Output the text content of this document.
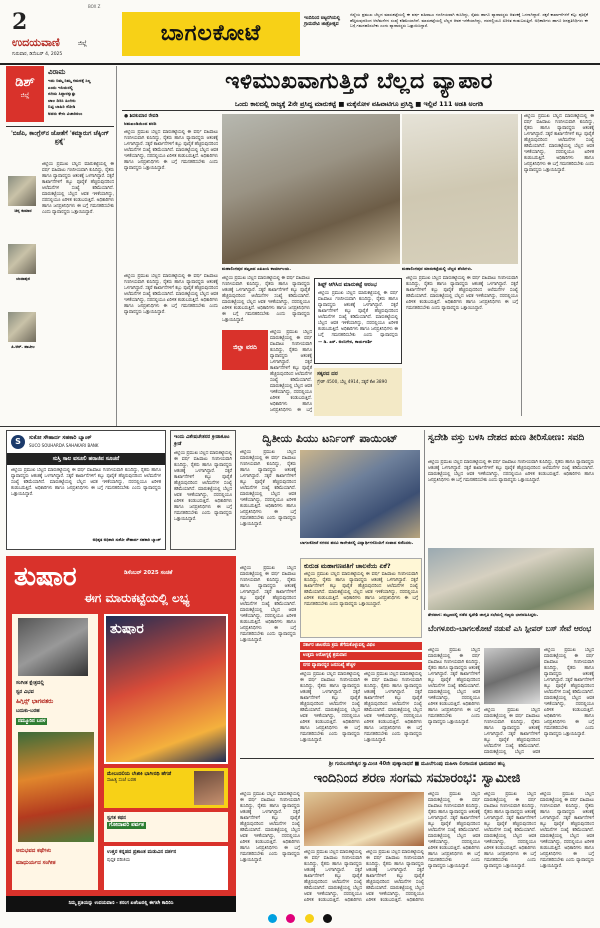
2
BOX Z
ಉದಯವಾಣಿ	ಜಿಲ್ಲೆ
ಗುರುವಾರ, ಡಿಸೆಂಬರ್ 4, 2025
ಬಾಗಲಕೋಟೆ
ಇಂದಿನಿಂದ ಚಿಟ್ಟರಗಿಯಲ್ಲಿ ಗ್ರಾಮದೇವಿ ಜಾತ್ರೋತ್ಸವ
ಜಿಲ್ಲೆಯ ಪ್ರಮುಖ ಬೆಲ್ಲದ ಮಾರುಕಟ್ಟೆಯಲ್ಲಿ ಈ ವರ್ಷ ವಹಿವಾಟು ಗಣನೀಯವಾಗಿ ಕುಸಿದಿದ್ದು, ರೈತರು ಹಾಗೂ ವ್ಯಾಪಾರಸ್ಥರು ಆತಂಕಕ್ಕೆ ಒಳಗಾಗಿದ್ದಾರೆ. ಸಕ್ಕರೆ ಕಾರ್ಖಾನೆಗಳಿಗೆ ಕಬ್ಬು ಪೂರೈಕೆ ಹೆಚ್ಚಿರುವುದರಿಂದ ಆಲೆಮನೆಗಳ ಸಂಖ್ಯೆ ಕಡಿಮೆಯಾಗಿದೆ. ಮಾರುಕಟ್ಟೆಯಲ್ಲಿ ಬೆಲ್ಲದ ಆವಕ ಇಳಿಕೆಯಾಗಿದ್ದು, ದರದಲ್ಲಿಯೂ ಏರಿಳಿತ ಕಂಡುಬರುತ್ತಿದೆ. ಅಧಿಕಾರಿಗಳು ಹಾಗೂ ಜನಪ್ರತಿನಿಧಿಗಳು ಈ ಬಗ್ಗೆ ಗಮನಹರಿಸಬೇಕು ಎಂದು ವ್ಯಾಪಾರಸ್ಥರು ಒತ್ತಾಯಿಸಿದ್ದಾರೆ.
ಡಿಶ್
ಜಿಲ್ಲೆ
ವಿರಾಮ
ಇದು ನಿಮ್ಮ ನಿಮ್ಮ ಗಮನಕ್ಕೆ ಸಿಲ್ಲ
ಎಂದು ಇನಿಯರಲ್ಲಿ
ಜಿಗಿದು ಸಿದ್ದಾರನ್ನುತ್ತು
ಚಾಲ ದಿರಿಸಿ ಹಿಂಗಿರು
ಬಿಟ್ಟಿ ಬಾಹಿರಿ ನೋಡಿ
ಅದರು ಕೇಳು ವಿಚಾರಿಸಲು
'ಬಿಜೆಪಿ, ಕಾಂಗ್ರೆಸ್‌ನ ಜೋತೆಗೆ 'ಕಮ್ಮಾರುಗ ಚೆಕ್ಕಿಂಗ್‌ ಪ್ರಶ್ನೆ'
ಚಿನ್ನ ಕುಮಾರ
ಚಂದಾಪುರ
ಪಿ.ಆರ್. ಪಾಟೀಲ
ಜಿಲ್ಲೆಯ ಪ್ರಮುಖ ಬೆಲ್ಲದ ಮಾರುಕಟ್ಟೆಯಲ್ಲಿ ಈ ವರ್ಷ ವಹಿವಾಟು ಗಣನೀಯವಾಗಿ ಕುಸಿದಿದ್ದು, ರೈತರು ಹಾಗೂ ವ್ಯಾಪಾರಸ್ಥರು ಆತಂಕಕ್ಕೆ ಒಳಗಾಗಿದ್ದಾರೆ. ಸಕ್ಕರೆ ಕಾರ್ಖಾನೆಗಳಿಗೆ ಕಬ್ಬು ಪೂರೈಕೆ ಹೆಚ್ಚಿರುವುದರಿಂದ ಆಲೆಮನೆಗಳ ಸಂಖ್ಯೆ ಕಡಿಮೆಯಾಗಿದೆ. ಮಾರುಕಟ್ಟೆಯಲ್ಲಿ ಬೆಲ್ಲದ ಆವಕ ಇಳಿಕೆಯಾಗಿದ್ದು, ದರದಲ್ಲಿಯೂ ಏರಿಳಿತ ಕಂಡುಬರುತ್ತಿದೆ. ಅಧಿಕಾರಿಗಳು ಹಾಗೂ ಜನಪ್ರತಿನಿಧಿಗಳು ಈ ಬಗ್ಗೆ ಗಮನಹರಿಸಬೇಕು ಎಂದು ವ್ಯಾಪಾರಸ್ಥರು ಒತ್ತಾಯಿಸಿದ್ದಾರೆ.
ಇಳಿಮುಖವಾಗುತ್ತಿದೆ ಬೆಲ್ಲದ ವ್ಯಾಪಾರ
ಒಂದು ಕಾಲದಲ್ಲಿ ರಾಜ್ಯಕ್ಕೆ 2ನೇ ಪ್ರಸಿದ್ಧ ಮಾರುಕಟ್ಟೆ ■ ಮಕ್ಕೆನೋಳ ವಹಿವಾಟಿಗೂ ಪ್ರಸಿದ್ಧಿ ■ ಇಲ್ಲಿವೆ 111 ಅಡತಿ ಅಂಗಡಿ
● ಶಿವಕುಮಾರ ರೇವಡಿ
ಜಮಖಂಡಿಯಿಂದ ವರದಿ
ಜಿಲ್ಲೆಯ ಪ್ರಮುಖ ಬೆಲ್ಲದ ಮಾರುಕಟ್ಟೆಯಲ್ಲಿ ಈ ವರ್ಷ ವಹಿವಾಟು ಗಣನೀಯವಾಗಿ ಕುಸಿದಿದ್ದು, ರೈತರು ಹಾಗೂ ವ್ಯಾಪಾರಸ್ಥರು ಆತಂಕಕ್ಕೆ ಒಳಗಾಗಿದ್ದಾರೆ. ಸಕ್ಕರೆ ಕಾರ್ಖಾನೆಗಳಿಗೆ ಕಬ್ಬು ಪೂರೈಕೆ ಹೆಚ್ಚಿರುವುದರಿಂದ ಆಲೆಮನೆಗಳ ಸಂಖ್ಯೆ ಕಡಿಮೆಯಾಗಿದೆ. ಮಾರುಕಟ್ಟೆಯಲ್ಲಿ ಬೆಲ್ಲದ ಆವಕ ಇಳಿಕೆಯಾಗಿದ್ದು, ದರದಲ್ಲಿಯೂ ಏರಿಳಿತ ಕಂಡುಬರುತ್ತಿದೆ. ಅಧಿಕಾರಿಗಳು ಹಾಗೂ ಜನಪ್ರತಿನಿಧಿಗಳು ಈ ಬಗ್ಗೆ ಗಮನಹರಿಸಬೇಕು ಎಂದು ವ್ಯಾಪಾರಸ್ಥರು ಒತ್ತಾಯಿಸಿದ್ದಾರೆ.
ಮಹಾಲಿಂಗಪುರ ಪಟ್ಟಣದ ಎಪಿಎಂಸಿ ಕಾರ್ಯಾಲಯ.	ಮಹಾಲಿಂಗಪುರ ಮಾರುಕಟ್ಟೆಯಲ್ಲಿ ಬೆಲ್ಲದ ಪೆಂಡಿಗಳು.
ಜಿಲ್ಲೆಯ ಪ್ರಮುಖ ಬೆಲ್ಲದ ಮಾರುಕಟ್ಟೆಯಲ್ಲಿ ಈ ವರ್ಷ ವಹಿವಾಟು ಗಣನೀಯವಾಗಿ ಕುಸಿದಿದ್ದು, ರೈತರು ಹಾಗೂ ವ್ಯಾಪಾರಸ್ಥರು ಆತಂಕಕ್ಕೆ ಒಳಗಾಗಿದ್ದಾರೆ. ಸಕ್ಕರೆ ಕಾರ್ಖಾನೆಗಳಿಗೆ ಕಬ್ಬು ಪೂರೈಕೆ ಹೆಚ್ಚಿರುವುದರಿಂದ ಆಲೆಮನೆಗಳ ಸಂಖ್ಯೆ ಕಡಿಮೆಯಾಗಿದೆ. ಮಾರುಕಟ್ಟೆಯಲ್ಲಿ ಬೆಲ್ಲದ ಆವಕ ಇಳಿಕೆಯಾಗಿದ್ದು, ದರದಲ್ಲಿಯೂ ಏರಿಳಿತ ಕಂಡುಬರುತ್ತಿದೆ. ಅಧಿಕಾರಿಗಳು ಹಾಗೂ ಜನಪ್ರತಿನಿಧಿಗಳು ಈ ಬಗ್ಗೆ ಗಮನಹರಿಸಬೇಕು ಎಂದು ವ್ಯಾಪಾರಸ್ಥರು ಒತ್ತಾಯಿಸಿದ್ದಾರೆ.
ಜಿಲ್ಲೆಯ ಪ್ರಮುಖ ಬೆಲ್ಲದ ಮಾರುಕಟ್ಟೆಯಲ್ಲಿ ಈ ವರ್ಷ ವಹಿವಾಟು ಗಣನೀಯವಾಗಿ ಕುಸಿದಿದ್ದು, ರೈತರು ಹಾಗೂ ವ್ಯಾಪಾರಸ್ಥರು ಆತಂಕಕ್ಕೆ ಒಳಗಾಗಿದ್ದಾರೆ. ಸಕ್ಕರೆ ಕಾರ್ಖಾನೆಗಳಿಗೆ ಕಬ್ಬು ಪೂರೈಕೆ ಹೆಚ್ಚಿರುವುದರಿಂದ ಆಲೆಮನೆಗಳ ಸಂಖ್ಯೆ ಕಡಿಮೆಯಾಗಿದೆ. ಮಾರುಕಟ್ಟೆಯಲ್ಲಿ ಬೆಲ್ಲದ ಆವಕ ಇಳಿಕೆಯಾಗಿದ್ದು, ದರದಲ್ಲಿಯೂ ಏರಿಳಿತ ಕಂಡುಬರುತ್ತಿದೆ. ಅಧಿಕಾರಿಗಳು ಹಾಗೂ ಜನಪ್ರತಿನಿಧಿಗಳು ಈ ಬಗ್ಗೆ ಗಮನಹರಿಸಬೇಕು ಎಂದು ವ್ಯಾಪಾರಸ್ಥರು ಒತ್ತಾಯಿಸಿದ್ದಾರೆ.
ಜಿಲ್ಲಾ ವರದಿ
ಜಿಲ್ಲೆಯ ಪ್ರಮುಖ ಬೆಲ್ಲದ ಮಾರುಕಟ್ಟೆಯಲ್ಲಿ ಈ ವರ್ಷ ವಹಿವಾಟು ಗಣನೀಯವಾಗಿ ಕುಸಿದಿದ್ದು, ರೈತರು ಹಾಗೂ ವ್ಯಾಪಾರಸ್ಥರು ಆತಂಕಕ್ಕೆ ಒಳಗಾಗಿದ್ದಾರೆ. ಸಕ್ಕರೆ ಕಾರ್ಖಾನೆಗಳಿಗೆ ಕಬ್ಬು ಪೂರೈಕೆ ಹೆಚ್ಚಿರುವುದರಿಂದ ಆಲೆಮನೆಗಳ ಸಂಖ್ಯೆ ಕಡಿಮೆಯಾಗಿದೆ. ಮಾರುಕಟ್ಟೆಯಲ್ಲಿ ಬೆಲ್ಲದ ಆವಕ ಇಳಿಕೆಯಾಗಿದ್ದು, ದರದಲ್ಲಿಯೂ ಏರಿಳಿತ ಕಂಡುಬರುತ್ತಿದೆ. ಅಧಿಕಾರಿಗಳು ಹಾಗೂ ಜನಪ್ರತಿನಿಧಿಗಳು ಈ ಬಗ್ಗೆ
ಶಿಫ್ಟ್‌ ಆಗಿಸಿದ ಮಾರುಕಟ್ಟೆ ಆರಂಭ
ಜಿಲ್ಲೆಯ ಪ್ರಮುಖ ಬೆಲ್ಲದ ಮಾರುಕಟ್ಟೆಯಲ್ಲಿ ಈ ವರ್ಷ ವಹಿವಾಟು ಗಣನೀಯವಾಗಿ ಕುಸಿದಿದ್ದು, ರೈತರು ಹಾಗೂ ವ್ಯಾಪಾರಸ್ಥರು ಆತಂಕಕ್ಕೆ ಒಳಗಾಗಿದ್ದಾರೆ. ಸಕ್ಕರೆ ಕಾರ್ಖಾನೆಗಳಿಗೆ ಕಬ್ಬು ಪೂರೈಕೆ ಹೆಚ್ಚಿರುವುದರಿಂದ ಆಲೆಮನೆಗಳ ಸಂಖ್ಯೆ ಕಡಿಮೆಯಾಗಿದೆ. ಮಾರುಕಟ್ಟೆಯಲ್ಲಿ ಬೆಲ್ಲದ ಆವಕ ಇಳಿಕೆಯಾಗಿದ್ದು, ದರದಲ್ಲಿಯೂ ಏರಿಳಿತ ಕಂಡುಬರುತ್ತಿದೆ. ಅಧಿಕಾರಿಗಳು ಹಾಗೂ ಜನಪ್ರತಿನಿಧಿಗಳು ಈ ಬಗ್ಗೆ ಗಮನಹರಿಸಬೇಕು ಎಂದು ವ್ಯಾಪಾರಸ್ಥರು
— ಡಿ. ಎಸ್‌. ಅಂಬಿಗೇರ, ಕಾರ್ಯದರ್ಶಿ
ಸಕ್ಕರದ ದರ
ಗ್ರೇಡ್ 4500, ಬೆಲ್ಲ 4914, ಸಕ್ಕರೆ ಕೆಜಿ 3890
ಜಿಲ್ಲೆಯ ಪ್ರಮುಖ ಬೆಲ್ಲದ ಮಾರುಕಟ್ಟೆಯಲ್ಲಿ ಈ ವರ್ಷ ವಹಿವಾಟು ಗಣನೀಯವಾಗಿ ಕುಸಿದಿದ್ದು, ರೈತರು ಹಾಗೂ ವ್ಯಾಪಾರಸ್ಥರು ಆತಂಕಕ್ಕೆ ಒಳಗಾಗಿದ್ದಾರೆ. ಸಕ್ಕರೆ ಕಾರ್ಖಾನೆಗಳಿಗೆ ಕಬ್ಬು ಪೂರೈಕೆ ಹೆಚ್ಚಿರುವುದರಿಂದ ಆಲೆಮನೆಗಳ ಸಂಖ್ಯೆ ಕಡಿಮೆಯಾಗಿದೆ. ಮಾರುಕಟ್ಟೆಯಲ್ಲಿ ಬೆಲ್ಲದ ಆವಕ ಇಳಿಕೆಯಾಗಿದ್ದು, ದರದಲ್ಲಿಯೂ ಏರಿಳಿತ ಕಂಡುಬರುತ್ತಿದೆ. ಅಧಿಕಾರಿಗಳು ಹಾಗೂ ಜನಪ್ರತಿನಿಧಿಗಳು ಈ ಬಗ್ಗೆ ಗಮನಹರಿಸಬೇಕು ಎಂದು ವ್ಯಾಪಾರಸ್ಥರು ಒತ್ತಾಯಿಸಿದ್ದಾರೆ.
ಜಿಲ್ಲೆಯ ಪ್ರಮುಖ ಬೆಲ್ಲದ ಮಾರುಕಟ್ಟೆಯಲ್ಲಿ ಈ ವರ್ಷ ವಹಿವಾಟು ಗಣನೀಯವಾಗಿ ಕುಸಿದಿದ್ದು, ರೈತರು ಹಾಗೂ ವ್ಯಾಪಾರಸ್ಥರು ಆತಂಕಕ್ಕೆ ಒಳಗಾಗಿದ್ದಾರೆ. ಸಕ್ಕರೆ ಕಾರ್ಖಾನೆಗಳಿಗೆ ಕಬ್ಬು ಪೂರೈಕೆ ಹೆಚ್ಚಿರುವುದರಿಂದ ಆಲೆಮನೆಗಳ ಸಂಖ್ಯೆ ಕಡಿಮೆಯಾಗಿದೆ. ಮಾರುಕಟ್ಟೆಯಲ್ಲಿ ಬೆಲ್ಲದ ಆವಕ ಇಳಿಕೆಯಾಗಿದ್ದು, ದರದಲ್ಲಿಯೂ ಏರಿಳಿತ ಕಂಡುಬರುತ್ತಿದೆ. ಅಧಿಕಾರಿಗಳು ಹಾಗೂ ಜನಪ್ರತಿನಿಧಿಗಳು ಈ ಬಗ್ಗೆ ಗಮನಹರಿಸಬೇಕು ಎಂದು ವ್ಯಾಪಾರಸ್ಥರು ಒತ್ತಾಯಿಸಿದ್ದಾರೆ.
S	ಸುಕೋ ಸೌಹಾರ್ದ ಸಹಕಾರಿ ಬ್ಯಾಂಕ್
SUCO SOUHARDA SAHAKARI BANK
ಸುಸ್ತಿ ಸಾಲ ವಸೂಲಿ ಹರಾಜಿನ ಸೂಚನೆ
ಜಿಲ್ಲೆಯ ಪ್ರಮುಖ ಬೆಲ್ಲದ ಮಾರುಕಟ್ಟೆಯಲ್ಲಿ ಈ ವರ್ಷ ವಹಿವಾಟು ಗಣನೀಯವಾಗಿ ಕುಸಿದಿದ್ದು, ರೈತರು ಹಾಗೂ ವ್ಯಾಪಾರಸ್ಥರು ಆತಂಕಕ್ಕೆ ಒಳಗಾಗಿದ್ದಾರೆ. ಸಕ್ಕರೆ ಕಾರ್ಖಾನೆಗಳಿಗೆ ಕಬ್ಬು ಪೂರೈಕೆ ಹೆಚ್ಚಿರುವುದರಿಂದ ಆಲೆಮನೆಗಳ ಸಂಖ್ಯೆ ಕಡಿಮೆಯಾಗಿದೆ. ಮಾರುಕಟ್ಟೆಯಲ್ಲಿ ಬೆಲ್ಲದ ಆವಕ ಇಳಿಕೆಯಾಗಿದ್ದು, ದರದಲ್ಲಿಯೂ ಏರಿಳಿತ ಕಂಡುಬರುತ್ತಿದೆ. ಅಧಿಕಾರಿಗಳು ಹಾಗೂ ಜನಪ್ರತಿನಿಧಿಗಳು ಈ ಬಗ್ಗೆ ಗಮನಹರಿಸಬೇಕು ಎಂದು ವ್ಯಾಪಾರಸ್ಥರು ಒತ್ತಾಯಿಸಿದ್ದಾರೆ.
ಅಧಿಕೃತ ಅಧಿಕಾರಿ ಸುಕೋ ಸೌಹಾರ್ದ ಸಹಕಾರಿ ಬ್ಯಾಂಕ್
ಇಂದು ವಿಶೇಷಚೇತನರ ಕ್ರೀಡಾಕೂಟ ಕ್ರೀಡೆ
ಜಿಲ್ಲೆಯ ಪ್ರಮುಖ ಬೆಲ್ಲದ ಮಾರುಕಟ್ಟೆಯಲ್ಲಿ ಈ ವರ್ಷ ವಹಿವಾಟು ಗಣನೀಯವಾಗಿ ಕುಸಿದಿದ್ದು, ರೈತರು ಹಾಗೂ ವ್ಯಾಪಾರಸ್ಥರು ಆತಂಕಕ್ಕೆ ಒಳಗಾಗಿದ್ದಾರೆ. ಸಕ್ಕರೆ ಕಾರ್ಖಾನೆಗಳಿಗೆ ಕಬ್ಬು ಪೂರೈಕೆ ಹೆಚ್ಚಿರುವುದರಿಂದ ಆಲೆಮನೆಗಳ ಸಂಖ್ಯೆ ಕಡಿಮೆಯಾಗಿದೆ. ಮಾರುಕಟ್ಟೆಯಲ್ಲಿ ಬೆಲ್ಲದ ಆವಕ ಇಳಿಕೆಯಾಗಿದ್ದು, ದರದಲ್ಲಿಯೂ ಏರಿಳಿತ ಕಂಡುಬರುತ್ತಿದೆ. ಅಧಿಕಾರಿಗಳು ಹಾಗೂ ಜನಪ್ರತಿನಿಧಿಗಳು ಈ ಬಗ್ಗೆ ಗಮನಹರಿಸಬೇಕು ಎಂದು ವ್ಯಾಪಾರಸ್ಥರು ಒತ್ತಾಯಿಸಿದ್ದಾರೆ.
ದ್ವಿತೀಯ ಪಿಯು ಟರ್ನಿಂಗ್‌ ಪಾಯಿಂಟ್‌
ಜಿಲ್ಲೆಯ ಪ್ರಮುಖ ಬೆಲ್ಲದ ಮಾರುಕಟ್ಟೆಯಲ್ಲಿ ಈ ವರ್ಷ ವಹಿವಾಟು ಗಣನೀಯವಾಗಿ ಕುಸಿದಿದ್ದು, ರೈತರು ಹಾಗೂ ವ್ಯಾಪಾರಸ್ಥರು ಆತಂಕಕ್ಕೆ ಒಳಗಾಗಿದ್ದಾರೆ. ಸಕ್ಕರೆ ಕಾರ್ಖಾನೆಗಳಿಗೆ ಕಬ್ಬು ಪೂರೈಕೆ ಹೆಚ್ಚಿರುವುದರಿಂದ ಆಲೆಮನೆಗಳ ಸಂಖ್ಯೆ ಕಡಿಮೆಯಾಗಿದೆ. ಮಾರುಕಟ್ಟೆಯಲ್ಲಿ ಬೆಲ್ಲದ ಆವಕ ಇಳಿಕೆಯಾಗಿದ್ದು, ದರದಲ್ಲಿಯೂ ಏರಿಳಿತ ಕಂಡುಬರುತ್ತಿದೆ. ಅಧಿಕಾರಿಗಳು ಹಾಗೂ ಜನಪ್ರತಿನಿಧಿಗಳು ಈ ಬಗ್ಗೆ ಗಮನಹರಿಸಬೇಕು ಎಂದು ವ್ಯಾಪಾರಸ್ಥರು ಒತ್ತಾಯಿಸಿದ್ದಾರೆ.
ಬಾಗಲಕೋಟೆ ನಗರದ ಪದವಿ ಕಾಲೇಜಿನಲ್ಲಿ ವಿದ್ಯಾರ್ಥಿಗಳೊಂದಿಗೆ ಸಂವಾದ ನಡೆಸಿದರು.
ಸ್ವದೇಶಿ ವಸ್ತು ಬಳಸಿ ದೇಶದ ಋಣ ತೀರಿಸೋಣ: ಸವದಿ
ಜಿಲ್ಲೆಯ ಪ್ರಮುಖ ಬೆಲ್ಲದ ಮಾರುಕಟ್ಟೆಯಲ್ಲಿ ಈ ವರ್ಷ ವಹಿವಾಟು ಗಣನೀಯವಾಗಿ ಕುಸಿದಿದ್ದು, ರೈತರು ಹಾಗೂ ವ್ಯಾಪಾರಸ್ಥರು ಆತಂಕಕ್ಕೆ ಒಳಗಾಗಿದ್ದಾರೆ. ಸಕ್ಕರೆ ಕಾರ್ಖಾನೆಗಳಿಗೆ ಕಬ್ಬು ಪೂರೈಕೆ ಹೆಚ್ಚಿರುವುದರಿಂದ ಆಲೆಮನೆಗಳ ಸಂಖ್ಯೆ ಕಡಿಮೆಯಾಗಿದೆ. ಮಾರುಕಟ್ಟೆಯಲ್ಲಿ ಬೆಲ್ಲದ ಆವಕ ಇಳಿಕೆಯಾಗಿದ್ದು, ದರದಲ್ಲಿಯೂ ಏರಿಳಿತ ಕಂಡುಬರುತ್ತಿದೆ. ಅಧಿಕಾರಿಗಳು ಹಾಗೂ ಜನಪ್ರತಿನಿಧಿಗಳು ಈ ಬಗ್ಗೆ ಗಮನಹರಿಸಬೇಕು ಎಂದು ವ್ಯಾಪಾರಸ್ಥರು ಒತ್ತಾಯಿಸಿದ್ದಾರೆ.
ತೇರದಾಳ: ಪಟ್ಟಣದಲ್ಲಿ ನಡೆದ ಸ್ವದೇಶಿ ಜಾಗೃತಿ ಸಭೆಯಲ್ಲಿ ಗಣ್ಯರು ಭಾಗವಹಿಸಿದ್ದರು.
ತುಷಾರ	ಡಿಸೆಂಬರ್ 2025 ಸಂಚಿಕೆ
ಈಗ ಮಾರುಕಟ್ಟೆಯಲ್ಲಿ ಲಭ್ಯ
ಸಂಗೀತ ಕ್ಷೇತ್ರದಲ್ಲಿ
ಸ್ವರ ವಿಭವ
ಹಿಗ್ಗಿನ್ಸ್‌ ಭಾಗವತರು
ಬದುಕು-ಬರಹ
ನಮ್ಮೂರಿನ ಬನಳ
ಅನುಭವದ ಕಥೆಗಳು
ಮಾಧುರ್ಯದ ಸಂಗೀತ
ತುಷಾರ
ಮೇಲುದಲಿಯ ಲೇಖಿಕಿ ಭಾಗೀರಥಿ ಹೆಗಡೆ
ಸಾಹಿತ್ಯ ಸಂಜೆ ಬರಹ
ಸ್ವಗತ ಕಥನ
ಗೋದಾವರಿ ಪರ್ವತ
ಉತ್ತರ ಕನ್ನಡದ ಪ್ರಶಾಂತ ಮಡುವಿನ ದರ್ಶನ
ಪುಸ್ತಕ ಪರಿಚಯ
ನಿಮ್ಮ ಪ್ರತಿಯನ್ನು ಉದಯವಾಣಿ - ತರಂಗ ಏಜೆಂಟರಲ್ಲಿ ಈಗಲೇ ಕಾದಿರಿಸಿ
ಜಿಲ್ಲೆಯ ಪ್ರಮುಖ ಬೆಲ್ಲದ ಮಾರುಕಟ್ಟೆಯಲ್ಲಿ ಈ ವರ್ಷ ವಹಿವಾಟು ಗಣನೀಯವಾಗಿ ಕುಸಿದಿದ್ದು, ರೈತರು ಹಾಗೂ ವ್ಯಾಪಾರಸ್ಥರು ಆತಂಕಕ್ಕೆ ಒಳಗಾಗಿದ್ದಾರೆ. ಸಕ್ಕರೆ ಕಾರ್ಖಾನೆಗಳಿಗೆ ಕಬ್ಬು ಪೂರೈಕೆ ಹೆಚ್ಚಿರುವುದರಿಂದ ಆಲೆಮನೆಗಳ ಸಂಖ್ಯೆ ಕಡಿಮೆಯಾಗಿದೆ. ಮಾರುಕಟ್ಟೆಯಲ್ಲಿ ಬೆಲ್ಲದ ಆವಕ ಇಳಿಕೆಯಾಗಿದ್ದು, ದರದಲ್ಲಿಯೂ ಏರಿಳಿತ ಕಂಡುಬರುತ್ತಿದೆ. ಅಧಿಕಾರಿಗಳು ಹಾಗೂ ಜನಪ್ರತಿನಿಧಿಗಳು ಈ ಬಗ್ಗೆ ಗಮನಹರಿಸಬೇಕು ಎಂದು ವ್ಯಾಪಾರಸ್ಥರು ಒತ್ತಾಯಿಸಿದ್ದಾರೆ.
ಕುರುಡ ಮಹಾಗಣಪತಿಗೆ ಚಾಲನೆಯ ಏಕೆ?
ಜಿಲ್ಲೆಯ ಪ್ರಮುಖ ಬೆಲ್ಲದ ಮಾರುಕಟ್ಟೆಯಲ್ಲಿ ಈ ವರ್ಷ ವಹಿವಾಟು ಗಣನೀಯವಾಗಿ ಕುಸಿದಿದ್ದು, ರೈತರು ಹಾಗೂ ವ್ಯಾಪಾರಸ್ಥರು ಆತಂಕಕ್ಕೆ ಒಳಗಾಗಿದ್ದಾರೆ. ಸಕ್ಕರೆ ಕಾರ್ಖಾನೆಗಳಿಗೆ ಕಬ್ಬು ಪೂರೈಕೆ ಹೆಚ್ಚಿರುವುದರಿಂದ ಆಲೆಮನೆಗಳ ಸಂಖ್ಯೆ ಕಡಿಮೆಯಾಗಿದೆ. ಮಾರುಕಟ್ಟೆಯಲ್ಲಿ ಬೆಲ್ಲದ ಆವಕ ಇಳಿಕೆಯಾಗಿದ್ದು, ದರದಲ್ಲಿಯೂ ಏರಿಳಿತ ಕಂಡುಬರುತ್ತಿದೆ. ಅಧಿಕಾರಿಗಳು ಹಾಗೂ ಜನಪ್ರತಿನಿಧಿಗಳು ಈ ಬಗ್ಗೆ ಗಮನಹರಿಸಬೇಕು ಎಂದು ವ್ಯಾಪಾರಸ್ಥರು ಒತ್ತಾಯಿಸಿದ್ದಾರೆ.
ಸರ್ಕಾರ ಚಾಲನೆಯ ಕ್ರಮ ತೆಗೆದುಕೊಳ್ಳುವಲ್ಲಿ ವಿಫಲ
ಉತ್ತಮ ಆರೋಗ್ಯಕ್ಕೆ ಶ್ರಮದಾನ
ನಗರ ವ್ಯಾಪಾರಸ್ಥರ ಜನಸಂಖ್ಯೆ ಹೆಚ್ಚಳ
ಜಿಲ್ಲೆಯ ಪ್ರಮುಖ ಬೆಲ್ಲದ ಮಾರುಕಟ್ಟೆಯಲ್ಲಿ ಈ ವರ್ಷ ವಹಿವಾಟು ಗಣನೀಯವಾಗಿ ಕುಸಿದಿದ್ದು, ರೈತರು ಹಾಗೂ ವ್ಯಾಪಾರಸ್ಥರು ಆತಂಕಕ್ಕೆ ಒಳಗಾಗಿದ್ದಾರೆ. ಸಕ್ಕರೆ ಕಾರ್ಖಾನೆಗಳಿಗೆ ಕಬ್ಬು ಪೂರೈಕೆ ಹೆಚ್ಚಿರುವುದರಿಂದ ಆಲೆಮನೆಗಳ ಸಂಖ್ಯೆ ಕಡಿಮೆಯಾಗಿದೆ. ಮಾರುಕಟ್ಟೆಯಲ್ಲಿ ಬೆಲ್ಲದ ಆವಕ ಇಳಿಕೆಯಾಗಿದ್ದು, ದರದಲ್ಲಿಯೂ ಏರಿಳಿತ ಕಂಡುಬರುತ್ತಿದೆ. ಅಧಿಕಾರಿಗಳು ಹಾಗೂ ಜನಪ್ರತಿನಿಧಿಗಳು ಈ ಬಗ್ಗೆ ಗಮನಹರಿಸಬೇಕು ಎಂದು ವ್ಯಾಪಾರಸ್ಥರು ಒತ್ತಾಯಿಸಿದ್ದಾರೆ.
ಜಿಲ್ಲೆಯ ಪ್ರಮುಖ ಬೆಲ್ಲದ ಮಾರುಕಟ್ಟೆಯಲ್ಲಿ ಈ ವರ್ಷ ವಹಿವಾಟು ಗಣನೀಯವಾಗಿ ಕುಸಿದಿದ್ದು, ರೈತರು ಹಾಗೂ ವ್ಯಾಪಾರಸ್ಥರು ಆತಂಕಕ್ಕೆ ಒಳಗಾಗಿದ್ದಾರೆ. ಸಕ್ಕರೆ ಕಾರ್ಖಾನೆಗಳಿಗೆ ಕಬ್ಬು ಪೂರೈಕೆ ಹೆಚ್ಚಿರುವುದರಿಂದ ಆಲೆಮನೆಗಳ ಸಂಖ್ಯೆ ಕಡಿಮೆಯಾಗಿದೆ. ಮಾರುಕಟ್ಟೆಯಲ್ಲಿ ಬೆಲ್ಲದ ಆವಕ ಇಳಿಕೆಯಾಗಿದ್ದು, ದರದಲ್ಲಿಯೂ ಏರಿಳಿತ ಕಂಡುಬರುತ್ತಿದೆ. ಅಧಿಕಾರಿಗಳು ಹಾಗೂ ಜನಪ್ರತಿನಿಧಿಗಳು ಈ ಬಗ್ಗೆ ಗಮನಹರಿಸಬೇಕು ಎಂದು ವ್ಯಾಪಾರಸ್ಥರು ಒತ್ತಾಯಿಸಿದ್ದಾರೆ.
ಬೆಂಗಳೂರು-ಬಾಗಲಕೋಟೆ ನಡುವೆ ಎಸಿ ಸ್ಲೀಪರ್‌ ಬಸ್‌ ಸೇವೆ ಆರಂಭ
ಜಿಲ್ಲೆಯ ಪ್ರಮುಖ ಬೆಲ್ಲದ ಮಾರುಕಟ್ಟೆಯಲ್ಲಿ ಈ ವರ್ಷ ವಹಿವಾಟು ಗಣನೀಯವಾಗಿ ಕುಸಿದಿದ್ದು, ರೈತರು ಹಾಗೂ ವ್ಯಾಪಾರಸ್ಥರು ಆತಂಕಕ್ಕೆ ಒಳಗಾಗಿದ್ದಾರೆ. ಸಕ್ಕರೆ ಕಾರ್ಖಾನೆಗಳಿಗೆ ಕಬ್ಬು ಪೂರೈಕೆ ಹೆಚ್ಚಿರುವುದರಿಂದ ಆಲೆಮನೆಗಳ ಸಂಖ್ಯೆ ಕಡಿಮೆಯಾಗಿದೆ. ಮಾರುಕಟ್ಟೆಯಲ್ಲಿ ಬೆಲ್ಲದ ಆವಕ ಇಳಿಕೆಯಾಗಿದ್ದು, ದರದಲ್ಲಿಯೂ ಏರಿಳಿತ ಕಂಡುಬರುತ್ತಿದೆ. ಅಧಿಕಾರಿಗಳು ಹಾಗೂ ಜನಪ್ರತಿನಿಧಿಗಳು ಈ ಬಗ್ಗೆ ಗಮನಹರಿಸಬೇಕು ಎಂದು ವ್ಯಾಪಾರಸ್ಥರು ಒತ್ತಾಯಿಸಿದ್ದಾರೆ.
ಜಿಲ್ಲೆಯ ಪ್ರಮುಖ ಬೆಲ್ಲದ ಮಾರುಕಟ್ಟೆಯಲ್ಲಿ ಈ ವರ್ಷ ವಹಿವಾಟು ಗಣನೀಯವಾಗಿ ಕುಸಿದಿದ್ದು, ರೈತರು ಹಾಗೂ ವ್ಯಾಪಾರಸ್ಥರು ಆತಂಕಕ್ಕೆ ಒಳಗಾಗಿದ್ದಾರೆ. ಸಕ್ಕರೆ ಕಾರ್ಖಾನೆಗಳಿಗೆ ಕಬ್ಬು ಪೂರೈಕೆ ಹೆಚ್ಚಿರುವುದರಿಂದ ಆಲೆಮನೆಗಳ ಸಂಖ್ಯೆ ಕಡಿಮೆಯಾಗಿದೆ. ಮಾರುಕಟ್ಟೆಯಲ್ಲಿ ಬೆಲ್ಲದ ಆವಕ ಇಳಿಕೆಯಾಗಿದ್ದು, ದರದಲ್ಲಿಯೂ ಏರಿಳಿತ ಕಂಡುಬರುತ್ತಿದೆ. ಅಧಿಕಾರಿಗಳು ಹಾಗೂ ಜನಪ್ರತಿನಿಧಿಗಳು ಈ ಬಗ್ಗೆ ಗಮನಹರಿಸಬೇಕು ಎಂದು ವ್ಯಾಪಾರಸ್ಥರು ಒತ್ತಾಯಿಸಿದ್ದಾರೆ.
ಜಿಲ್ಲೆಯ ಪ್ರಮುಖ ಬೆಲ್ಲದ ಮಾರುಕಟ್ಟೆಯಲ್ಲಿ ಈ ವರ್ಷ ವಹಿವಾಟು ಗಣನೀಯವಾಗಿ ಕುಸಿದಿದ್ದು, ರೈತರು ಹಾಗೂ ವ್ಯಾಪಾರಸ್ಥರು ಆತಂಕಕ್ಕೆ ಒಳಗಾಗಿದ್ದಾರೆ. ಸಕ್ಕರೆ ಕಾರ್ಖಾನೆಗಳಿಗೆ ಕಬ್ಬು ಪೂರೈಕೆ ಹೆಚ್ಚಿರುವುದರಿಂದ ಆಲೆಮನೆಗಳ ಸಂಖ್ಯೆ ಕಡಿಮೆಯಾಗಿದೆ. ಮಾರುಕಟ್ಟೆಯಲ್ಲಿ ಬೆಲ್ಲದ ಆವಕ
ಶ್ರೀ ಗುರುಬಸವೇಶ್ವರ ಸ್ವಾಮೀಜಿ 40ನೇ ಪುಣ್ಯಾರಾಧನೆ ■ ಮೂಲೆಗುಂಪು ಮಹಿಳಾ ಲಿಂಗಾಯತ ಭಾನುವಾರ ಹಬ್ಬ
ಇಂದಿನಿಂದ ಶರಣ ಸಂಗಮ ಸಮಾರಂಭ: ಸ್ವಾಮೀಜಿ
ಜಿಲ್ಲೆಯ ಪ್ರಮುಖ ಬೆಲ್ಲದ ಮಾರುಕಟ್ಟೆಯಲ್ಲಿ ಈ ವರ್ಷ ವಹಿವಾಟು ಗಣನೀಯವಾಗಿ ಕುಸಿದಿದ್ದು, ರೈತರು ಹಾಗೂ ವ್ಯಾಪಾರಸ್ಥರು ಆತಂಕಕ್ಕೆ ಒಳಗಾಗಿದ್ದಾರೆ. ಸಕ್ಕರೆ ಕಾರ್ಖಾನೆಗಳಿಗೆ ಕಬ್ಬು ಪೂರೈಕೆ ಹೆಚ್ಚಿರುವುದರಿಂದ ಆಲೆಮನೆಗಳ ಸಂಖ್ಯೆ ಕಡಿಮೆಯಾಗಿದೆ. ಮಾರುಕಟ್ಟೆಯಲ್ಲಿ ಬೆಲ್ಲದ ಆವಕ ಇಳಿಕೆಯಾಗಿದ್ದು, ದರದಲ್ಲಿಯೂ ಏರಿಳಿತ ಕಂಡುಬರುತ್ತಿದೆ. ಅಧಿಕಾರಿಗಳು ಹಾಗೂ ಜನಪ್ರತಿನಿಧಿಗಳು ಈ ಬಗ್ಗೆ ಗಮನಹರಿಸಬೇಕು ಎಂದು ವ್ಯಾಪಾರಸ್ಥರು ಒತ್ತಾಯಿಸಿದ್ದಾರೆ.
ಜಿಲ್ಲೆಯ ಪ್ರಮುಖ ಬೆಲ್ಲದ ಮಾರುಕಟ್ಟೆಯಲ್ಲಿ ಈ ವರ್ಷ ವಹಿವಾಟು ಗಣನೀಯವಾಗಿ ಕುಸಿದಿದ್ದು, ರೈತರು ಹಾಗೂ ವ್ಯಾಪಾರಸ್ಥರು ಆತಂಕಕ್ಕೆ ಒಳಗಾಗಿದ್ದಾರೆ. ಸಕ್ಕರೆ ಕಾರ್ಖಾನೆಗಳಿಗೆ ಕಬ್ಬು ಪೂರೈಕೆ ಹೆಚ್ಚಿರುವುದರಿಂದ ಆಲೆಮನೆಗಳ ಸಂಖ್ಯೆ ಕಡಿಮೆಯಾಗಿದೆ. ಮಾರುಕಟ್ಟೆಯಲ್ಲಿ ಬೆಲ್ಲದ ಆವಕ ಇಳಿಕೆಯಾಗಿದ್ದು, ದರದಲ್ಲಿಯೂ ಏರಿಳಿತ ಕಂಡುಬರುತ್ತಿದೆ. ಅಧಿಕಾರಿಗಳು
ಜಿಲ್ಲೆಯ ಪ್ರಮುಖ ಬೆಲ್ಲದ ಮಾರುಕಟ್ಟೆಯಲ್ಲಿ ಈ ವರ್ಷ ವಹಿವಾಟು ಗಣನೀಯವಾಗಿ ಕುಸಿದಿದ್ದು, ರೈತರು ಹಾಗೂ ವ್ಯಾಪಾರಸ್ಥರು ಆತಂಕಕ್ಕೆ ಒಳಗಾಗಿದ್ದಾರೆ. ಸಕ್ಕರೆ ಕಾರ್ಖಾನೆಗಳಿಗೆ ಕಬ್ಬು ಪೂರೈಕೆ ಹೆಚ್ಚಿರುವುದರಿಂದ ಆಲೆಮನೆಗಳ ಸಂಖ್ಯೆ ಕಡಿಮೆಯಾಗಿದೆ. ಮಾರುಕಟ್ಟೆಯಲ್ಲಿ ಬೆಲ್ಲದ ಆವಕ ಇಳಿಕೆಯಾಗಿದ್ದು, ದರದಲ್ಲಿಯೂ ಏರಿಳಿತ ಕಂಡುಬರುತ್ತಿದೆ. ಅಧಿಕಾರಿಗಳು
ಜಿಲ್ಲೆಯ ಪ್ರಮುಖ ಬೆಲ್ಲದ ಮಾರುಕಟ್ಟೆಯಲ್ಲಿ ಈ ವರ್ಷ ವಹಿವಾಟು ಗಣನೀಯವಾಗಿ ಕುಸಿದಿದ್ದು, ರೈತರು ಹಾಗೂ ವ್ಯಾಪಾರಸ್ಥರು ಆತಂಕಕ್ಕೆ ಒಳಗಾಗಿದ್ದಾರೆ. ಸಕ್ಕರೆ ಕಾರ್ಖಾನೆಗಳಿಗೆ ಕಬ್ಬು ಪೂರೈಕೆ ಹೆಚ್ಚಿರುವುದರಿಂದ ಆಲೆಮನೆಗಳ ಸಂಖ್ಯೆ ಕಡಿಮೆಯಾಗಿದೆ. ಮಾರುಕಟ್ಟೆಯಲ್ಲಿ ಬೆಲ್ಲದ ಆವಕ ಇಳಿಕೆಯಾಗಿದ್ದು, ದರದಲ್ಲಿಯೂ ಏರಿಳಿತ ಕಂಡುಬರುತ್ತಿದೆ. ಅಧಿಕಾರಿಗಳು ಹಾಗೂ ಜನಪ್ರತಿನಿಧಿಗಳು ಈ ಬಗ್ಗೆ ಗಮನಹರಿಸಬೇಕು ಎಂದು ವ್ಯಾಪಾರಸ್ಥರು ಒತ್ತಾಯಿಸಿದ್ದಾರೆ.
ಜಿಲ್ಲೆಯ ಪ್ರಮುಖ ಬೆಲ್ಲದ ಮಾರುಕಟ್ಟೆಯಲ್ಲಿ ಈ ವರ್ಷ ವಹಿವಾಟು ಗಣನೀಯವಾಗಿ ಕುಸಿದಿದ್ದು, ರೈತರು ಹಾಗೂ ವ್ಯಾಪಾರಸ್ಥರು ಆತಂಕಕ್ಕೆ ಒಳಗಾಗಿದ್ದಾರೆ. ಸಕ್ಕರೆ ಕಾರ್ಖಾನೆಗಳಿಗೆ ಕಬ್ಬು ಪೂರೈಕೆ ಹೆಚ್ಚಿರುವುದರಿಂದ ಆಲೆಮನೆಗಳ ಸಂಖ್ಯೆ ಕಡಿಮೆಯಾಗಿದೆ. ಮಾರುಕಟ್ಟೆಯಲ್ಲಿ ಬೆಲ್ಲದ ಆವಕ ಇಳಿಕೆಯಾಗಿದ್ದು, ದರದಲ್ಲಿಯೂ ಏರಿಳಿತ ಕಂಡುಬರುತ್ತಿದೆ. ಅಧಿಕಾರಿಗಳು ಹಾಗೂ ಜನಪ್ರತಿನಿಧಿಗಳು ಈ ಬಗ್ಗೆ ಗಮನಹರಿಸಬೇಕು ಎಂದು ವ್ಯಾಪಾರಸ್ಥರು ಒತ್ತಾಯಿಸಿದ್ದಾರೆ.
ಜಿಲ್ಲೆಯ ಪ್ರಮುಖ ಬೆಲ್ಲದ ಮಾರುಕಟ್ಟೆಯಲ್ಲಿ ಈ ವರ್ಷ ವಹಿವಾಟು ಗಣನೀಯವಾಗಿ ಕುಸಿದಿದ್ದು, ರೈತರು ಹಾಗೂ ವ್ಯಾಪಾರಸ್ಥರು ಆತಂಕಕ್ಕೆ ಒಳಗಾಗಿದ್ದಾರೆ. ಸಕ್ಕರೆ ಕಾರ್ಖಾನೆಗಳಿಗೆ ಕಬ್ಬು ಪೂರೈಕೆ ಹೆಚ್ಚಿರುವುದರಿಂದ ಆಲೆಮನೆಗಳ ಸಂಖ್ಯೆ ಕಡಿಮೆಯಾಗಿದೆ. ಮಾರುಕಟ್ಟೆಯಲ್ಲಿ ಬೆಲ್ಲದ ಆವಕ ಇಳಿಕೆಯಾಗಿದ್ದು, ದರದಲ್ಲಿಯೂ ಏರಿಳಿತ ಕಂಡುಬರುತ್ತಿದೆ. ಅಧಿಕಾರಿಗಳು ಹಾಗೂ ಜನಪ್ರತಿನಿಧಿಗಳು ಈ ಬಗ್ಗೆ ಗಮನಹರಿಸಬೇಕು ಎಂದು ವ್ಯಾಪಾರಸ್ಥರು ಒತ್ತಾಯಿಸಿದ್ದಾರೆ.
